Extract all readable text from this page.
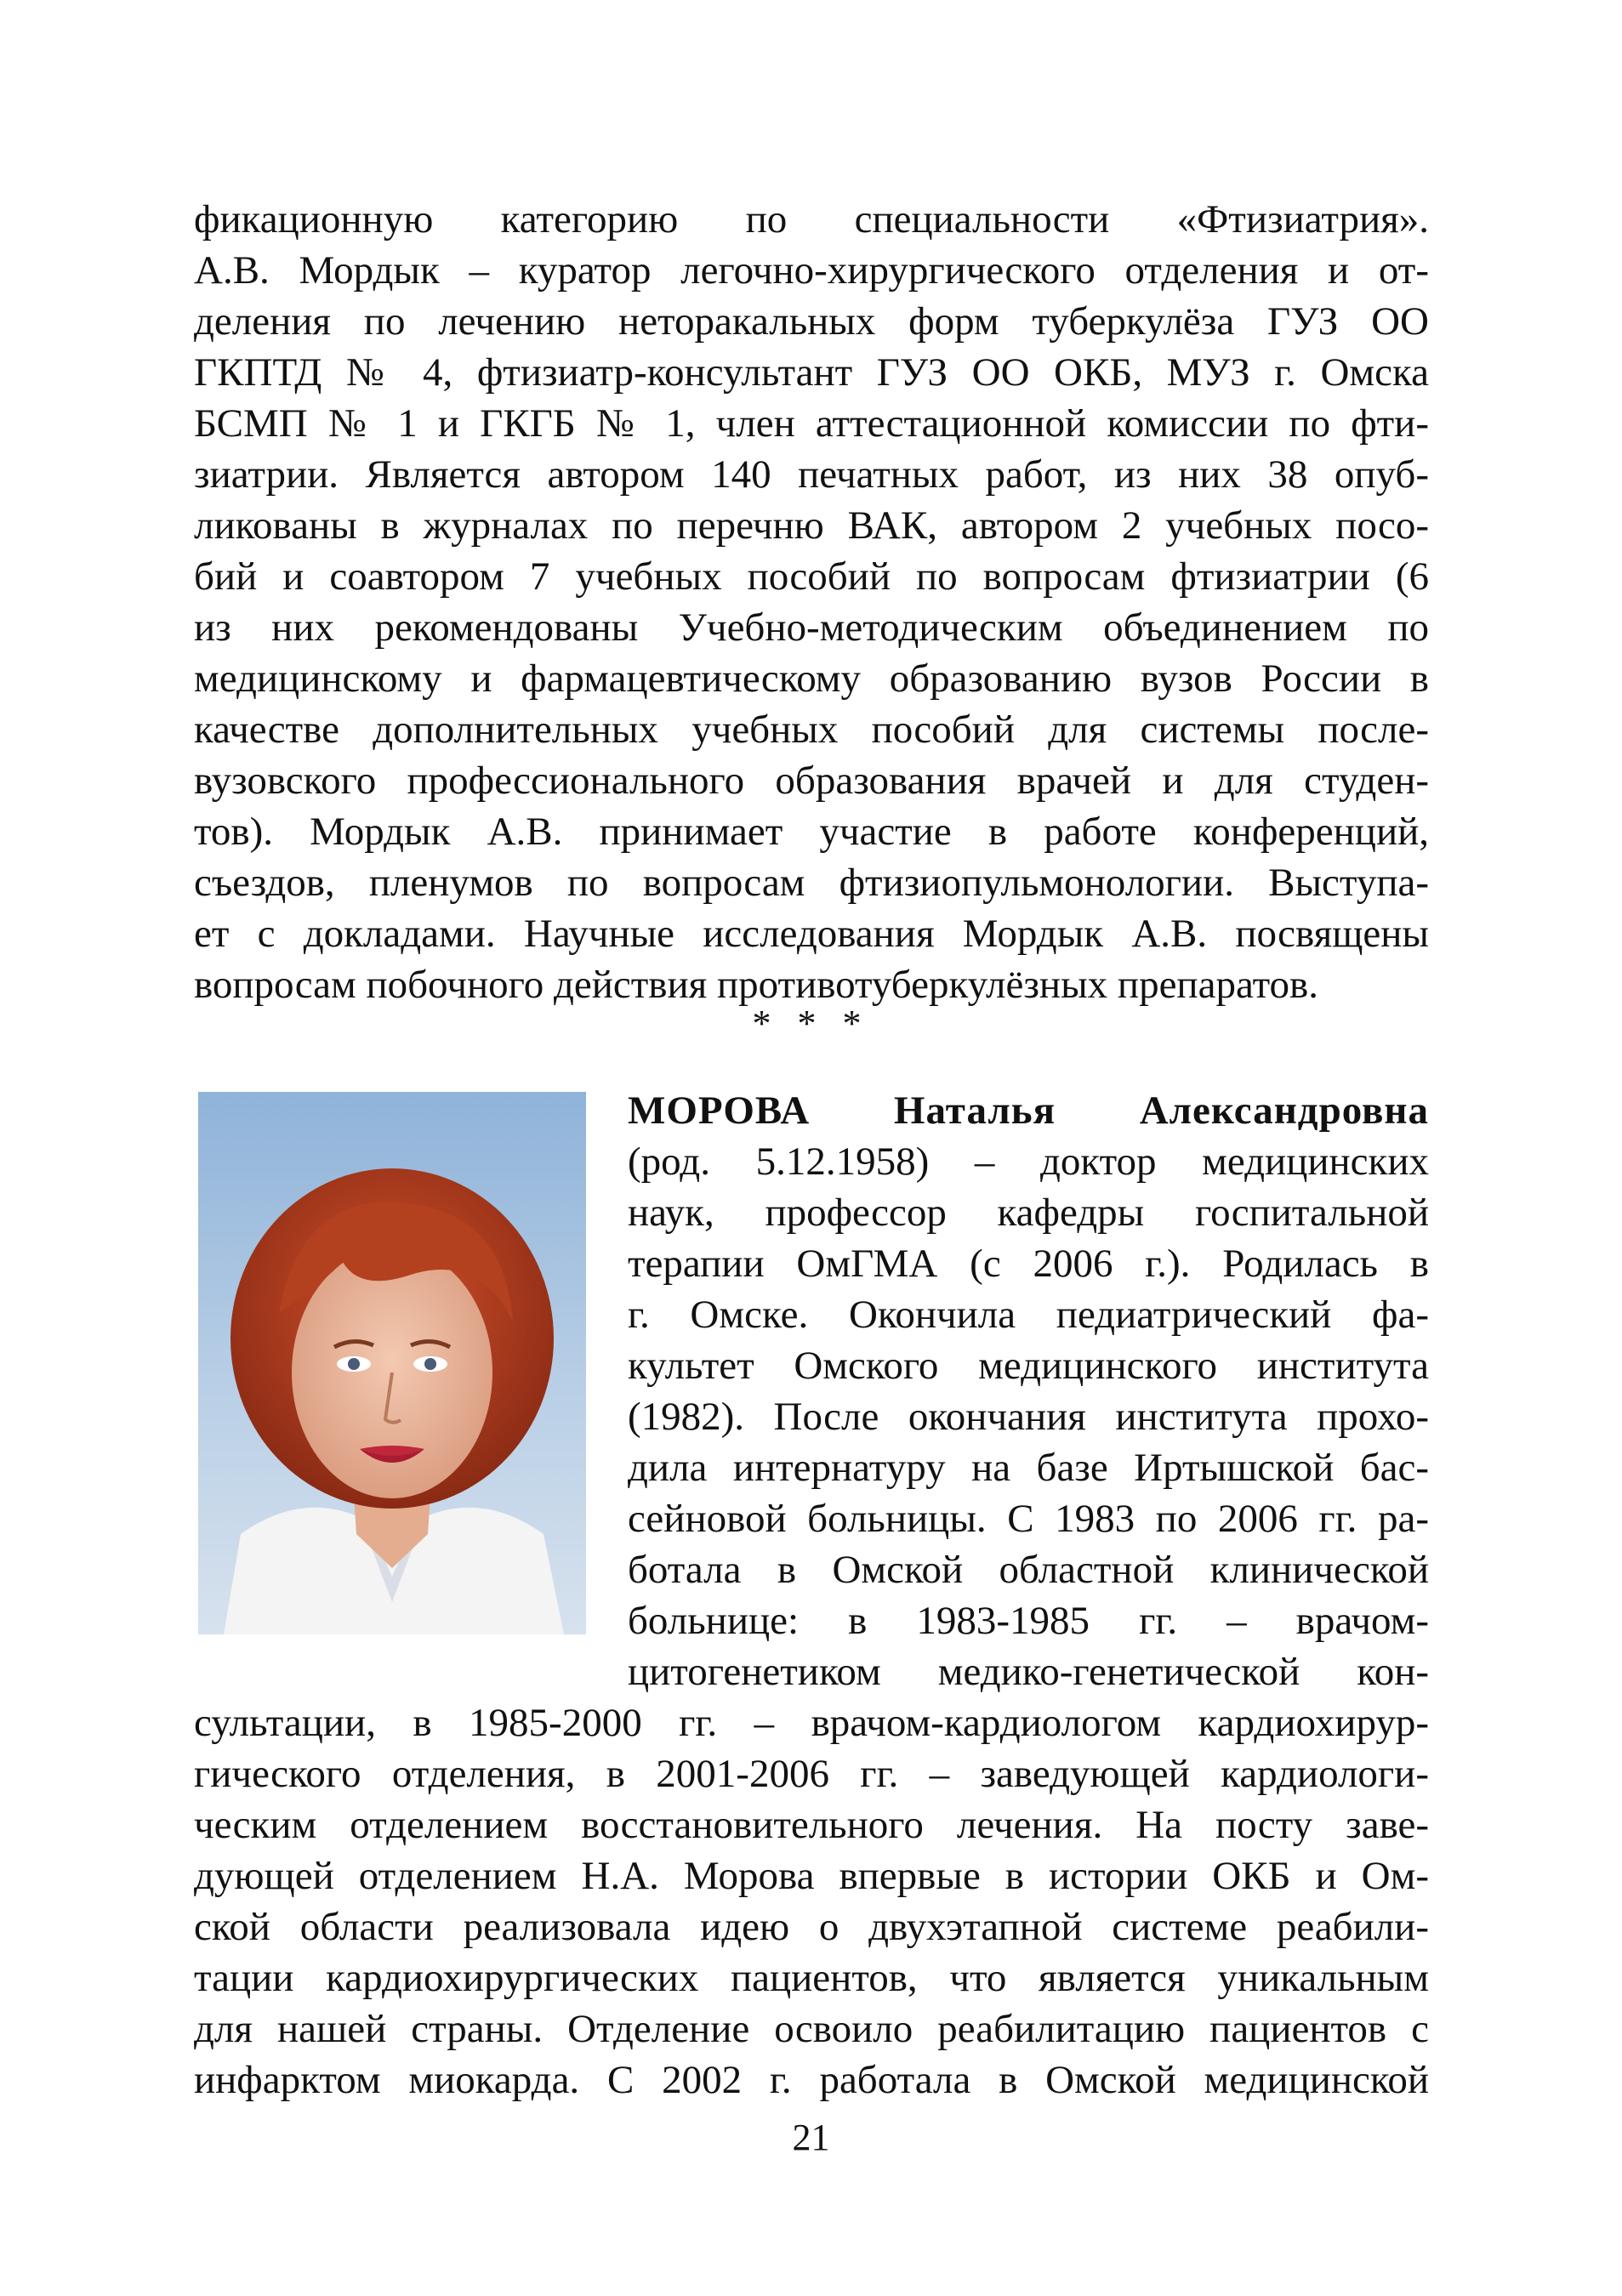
фикационную категорию по специальности «Фтизиатрия».
А.В. Мордык – куратор легочно-хирургического отделения и от-
деления по лечению неторакальных форм туберкулёза ГУЗ ОО
ГКПТД № 4, фтизиатр-консультант ГУЗ ОО ОКБ, МУЗ г. Омска
БСМП № 1 и ГКГБ № 1, член аттестационной комиссии по фти-
зиатрии. Является автором 140 печатных работ, из них 38 опуб-
ликованы в журналах по перечню ВАК, автором 2 учебных посо-
бий и соавтором 7 учебных пособий по вопросам фтизиатрии (6
из них рекомендованы Учебно-методическим объединением по
медицинскому и фармацевтическому образованию вузов России в
качестве дополнительных учебных пособий для системы после-
вузовского профессионального образования врачей и для студен-
тов). Мордык А.В. принимает участие в работе конференций,
съездов, пленумов по вопросам фтизиопульмонологии. Выступа-
ет с докладами. Научные исследования Мордык А.В. посвящены
вопросам побочного действия противотуберкулёзных препаратов.
* * *
МОРОВА Наталья Александровна
(род. 5.12.1958) – доктор медицинских
наук, профессор кафедры госпитальной
терапии ОмГМА (с 2006 г.). Родилась в
г. Омске. Окончила педиатрический фа-
культет Омского медицинского института
(1982). После окончания института прохо-
дила интернатуру на базе Иртышской бас-
сейновой больницы. С 1983 по 2006 гг. ра-
ботала в Омской областной клинической
больнице: в 1983-1985 гг. – врачом-
цитогенетиком медико-генетической кон-
сультации, в 1985-2000 гг. – врачом-кардиологом кардиохирур-
гического отделения, в 2001-2006 гг. – заведующей кардиологи-
ческим отделением восстановительного лечения. На посту заве-
дующей отделением Н.А. Морова впервые в истории ОКБ и Ом-
ской области реализовала идею о двухэтапной системе реабили-
тации кардиохирургических пациентов, что является уникальным
для нашей страны. Отделение освоило реабилитацию пациентов с
инфарктом миокарда. С 2002 г. работала в Омской медицинской
21
